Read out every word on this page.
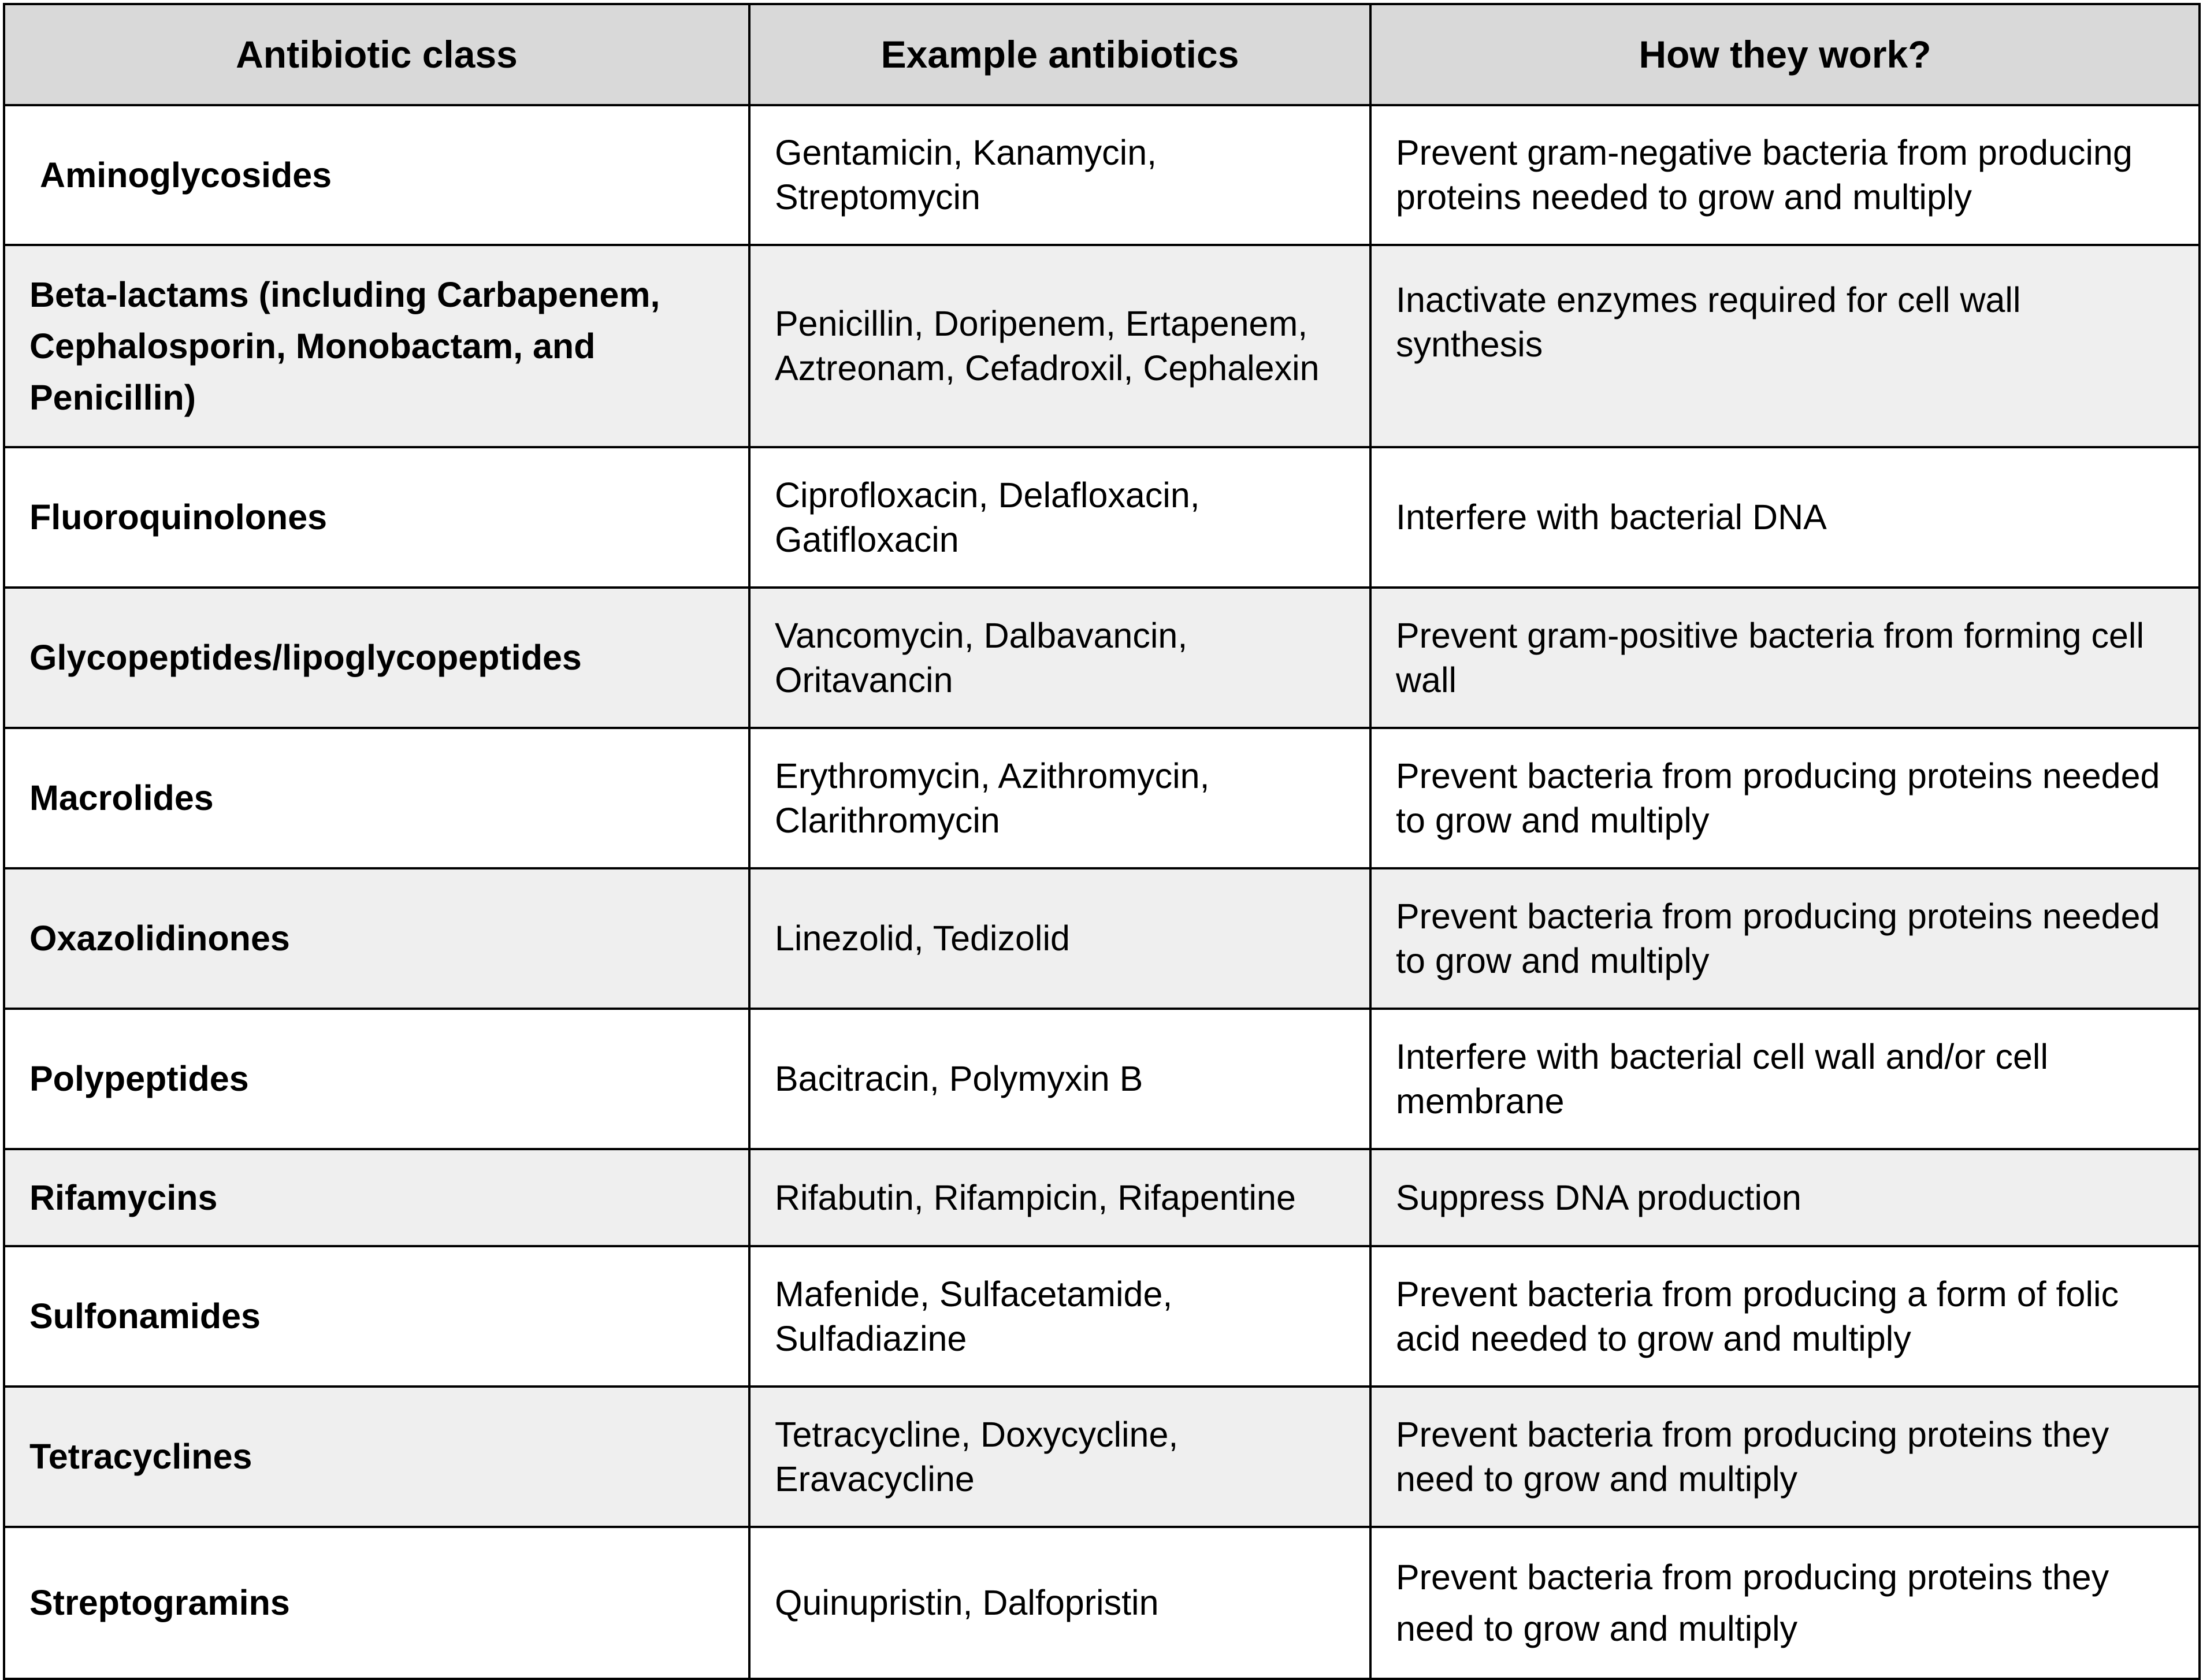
Antibiotic class	Example antibiotics	How they work?
Aminoglycosides	Gentamicin, Kanamycin, Streptomycin	Prevent gram-negative bacteria from producing proteins needed to grow and multiply
Beta-lactams (including Carbapenem, Cephalosporin, Monobactam, and Penicillin)	Penicillin, Doripenem, Ertapenem, Aztreonam, Cefadroxil, Cephalexin	Inactivate enzymes required for cell wall synthesis
Fluoroquinolones	Ciprofloxacin, Delafloxacin, Gatifloxacin	Interfere with bacterial DNA
Glycopeptides/lipoglycopeptides	Vancomycin, Dalbavancin, Oritavancin	Prevent gram-positive bacteria from forming cell wall
Macrolides	Erythromycin, Azithromycin, Clarithromycin	Prevent bacteria from producing proteins needed to grow and multiply
Oxazolidinones	Linezolid, Tedizolid	Prevent bacteria from producing proteins needed to grow and multiply
Polypeptides	Bacitracin, Polymyxin B	Interfere with bacterial cell wall and/or cell membrane
Rifamycins	Rifabutin, Rifampicin, Rifapentine	Suppress DNA production
Sulfonamides	Mafenide, Sulfacetamide, Sulfadiazine	Prevent bacteria from producing a form of folic acid needed to grow and multiply
Tetracyclines	Tetracycline, Doxycycline, Eravacycline	Prevent bacteria from producing proteins they need to grow and multiply
Streptogramins	Quinupristin, Dalfopristin	Prevent bacteria from producing proteins they need to grow and multiply
